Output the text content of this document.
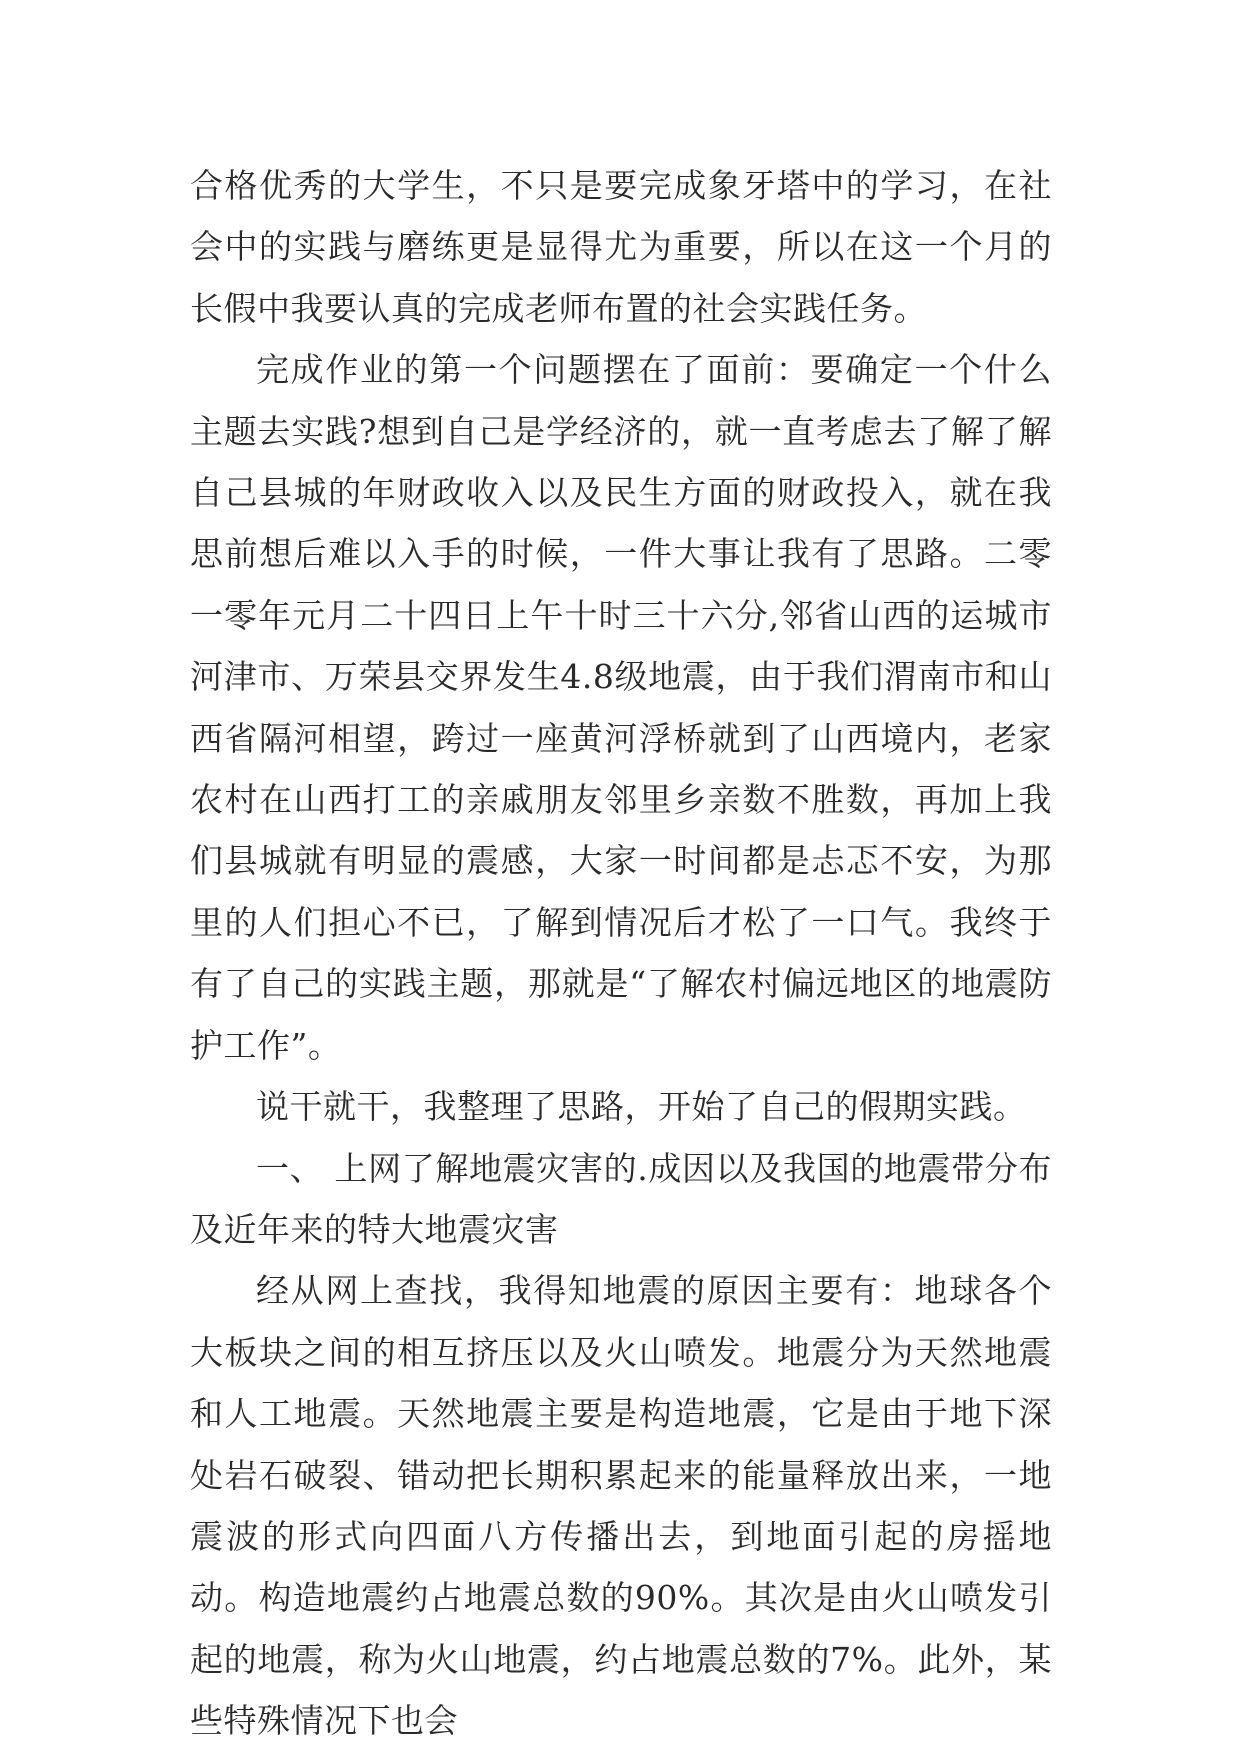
合格优秀的大学生，不只是要完成象牙塔中的学习，在社会中的实践与磨练更是显得尤为重要，所以在这一个月的长假中我要认真的完成老师布置的社会实践任务。

完成作业的第一个问题摆在了面前：要确定一个什么主题去实践?想到自己是学经济的，就一直考虑去了解了解自己县城的年财政收入以及民生方面的财政投入，就在我思前想后难以入手的时候，一件大事让我有了思路。二零一零年元月二十四日上午十时三十六分,邻省山西的运城市河津市、万荣县交界发生4.8级地震，由于我们渭南市和山西省隔河相望，跨过一座黄河浮桥就到了山西境内，老家农村在山西打工的亲戚朋友邻里乡亲数不胜数，再加上我们县城就有明显的震感，大家一时间都是忐忑不安，为那里的人们担心不已，了解到情况后才松了一口气。我终于有了自己的实践主题，那就是“了解农村偏远地区的地震防护工作”。

说干就干，我整理了思路，开始了自己的假期实践。

一、 上网了解地震灾害的.成因以及我国的地震带分布及近年来的特大地震灾害

经从网上查找，我得知地震的原因主要有：地球各个大板块之间的相互挤压以及火山喷发。地震分为天然地震和人工地震。天然地震主要是构造地震，它是由于地下深处岩石破裂、错动把长期积累起来的能量释放出来，一地震波的形式向四面八方传播出去，到地面引起的房摇地动。构造地震约占地震总数的90%。其次是由火山喷发引起的地震，称为火山地震，约占地震总数的7%。此外，某些特殊情况下也会
